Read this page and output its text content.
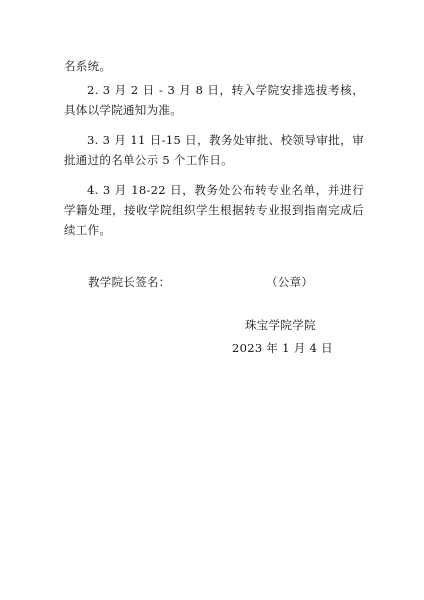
名系统。
2. 3 月 2 日 - 3 月 8 日，转入学院安排选拔考核，具体以学院通知为准。
3. 3 月 11 日-15 日，教务处审批、校领导审批，审批通过的名单公示 5 个工作日。
4. 3 月 18-22 日，教务处公布转专业名单，并进行学籍处理，接收学院组织学生根据转专业报到指南完成后续工作。
教学院长签名：	（公章）
珠宝学院学院
2023 年 1 月 4 日
